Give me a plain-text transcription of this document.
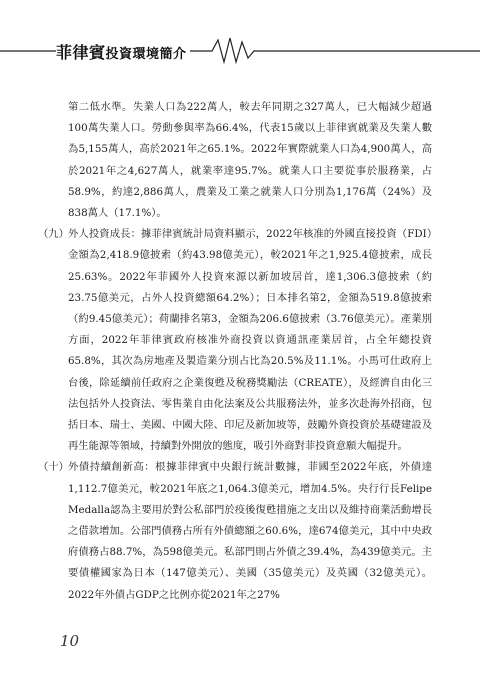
菲律賓投資環境簡介

第二低水準。失業人口為222萬人，較去年同期之327萬人，已大幅減少超過100萬失業人口。勞動參與率為66.4%，代表15歲以上菲律賓就業及失業人數為5,155萬人，高於2021年之65.1%。2022年實際就業人口為4,900萬人，高於2021年之4,627萬人，就業率達95.7%。就業人口主要從事於服務業，占58.9%，約達2,886萬人，農業及工業之就業人口分別為1,176萬（24%）及838萬人（17.1%）。

（九） 外人投資成長：據菲律賓統計局資料顯示，2022年核准的外國直接投資（FDI）金額為2,418.9億披索（約43.98億美元），較2021年之1,925.4億披索，成長25.63%。2022年菲國外人投資來源以新加坡居首，達1,306.3億披索（約23.75億美元，占外人投資總額64.2%）；日本排名第2，金額為519.8億披索（約9.45億美元）；荷蘭排名第3，金額為206.6億披索（3.76億美元）。產業別方面，2022年菲律賓政府核准外商投資以資通訊產業居首，占全年總投資65.8%，其次為房地產及製造業分別占比為20.5%及11.1%。小馬可仕政府上台後，除延續前任政府之企業復甦及稅務獎勵法（CREATE），及經濟自由化三法包括外人投資法、零售業自由化法案及公共服務法外，並多次赴海外招商，包括日本、瑞士、美國、中國大陸、印尼及新加坡等，鼓勵外資投資於基礎建設及再生能源等領域，持續對外開放的態度，吸引外商對菲投資意願大幅提升。

（十） 外債持續創新高：根據菲律賓中央銀行統計數據，菲國至2022年底，外債達1,112.7億美元，較2021年底之1,064.3億美元，增加4.5%。央行行長Felipe Medalla認為主要用於對公私部門於疫後復甦措施之支出以及維持商業活動增長之借款增加。公部門債務占所有外債總額之60.6%，達674億美元，其中中央政府債務占88.7%，為598億美元。私部門則占外債之39.4%，為439億美元。主要債權國家為日本（147億美元）、美國（35億美元）及英國（32億美元）。2022年外債占GDP之比例亦從2021年之27%

10
